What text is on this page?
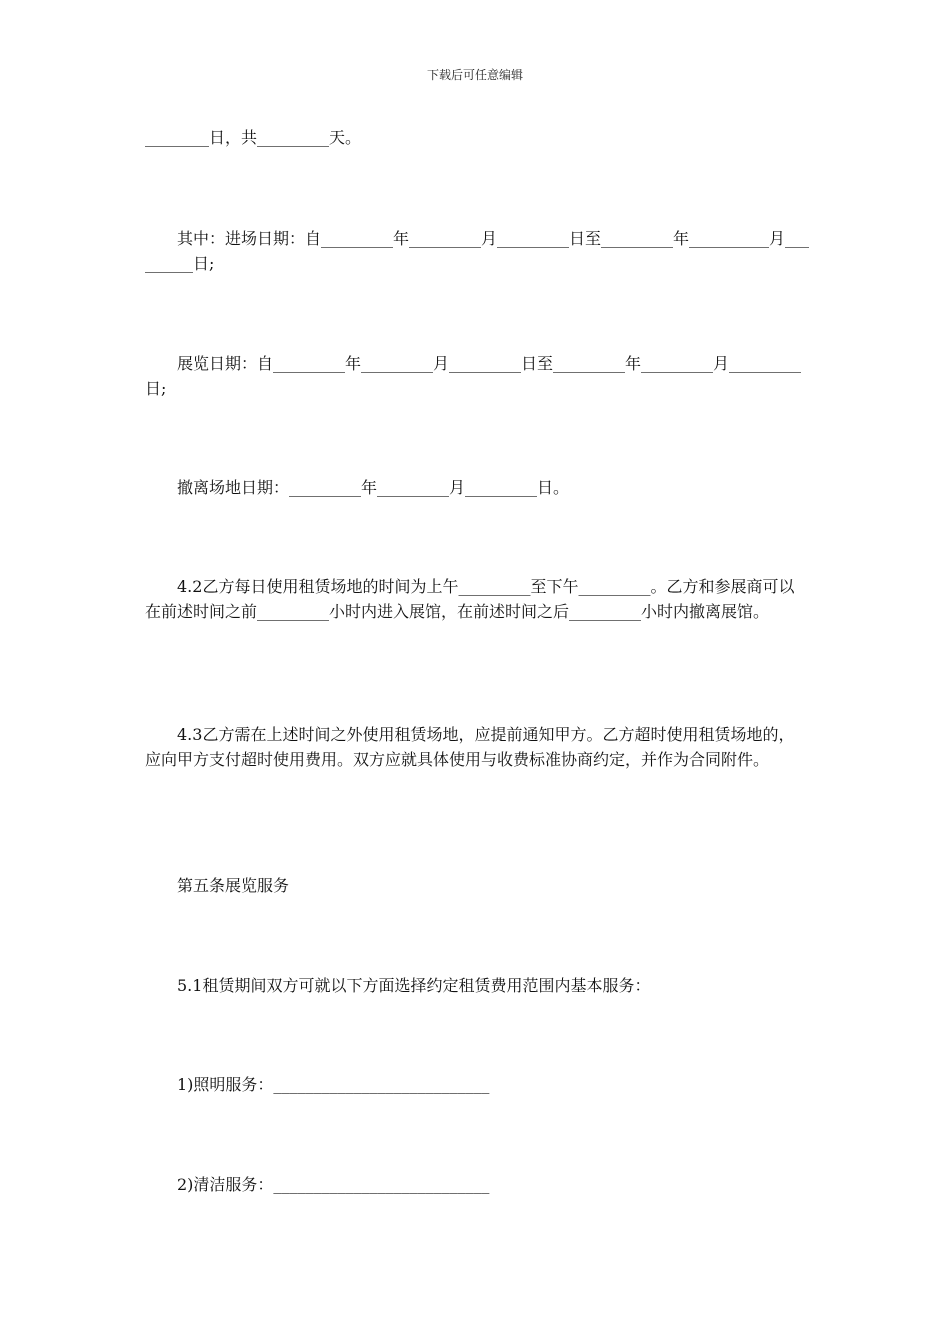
下载后可任意编辑

________日，共_________天。

其中：进场日期：自_________年_________月_________日至_________年__________月_________日;

展览日期：自_________年_________月_________日至_________年_________月_________日;

撤离场地日期：_________年_________月_________日。

4.2乙方每日使用租赁场地的时间为上午_________至下午_________。乙方和参展商可以在前述时间之前_________小时内进入展馆，在前述时间之后_________小时内撤离展馆。

4.3乙方需在上述时间之外使用租赁场地，应提前通知甲方。乙方超时使用租赁场地的，应向甲方支付超时使用费用。双方应就具体使用与收费标准协商约定，并作为合同附件。

第五条展览服务

5.1租赁期间双方可就以下方面选择约定租赁费用范围内基本服务：

1)照明服务：___________________________

2)清洁服务：___________________________
